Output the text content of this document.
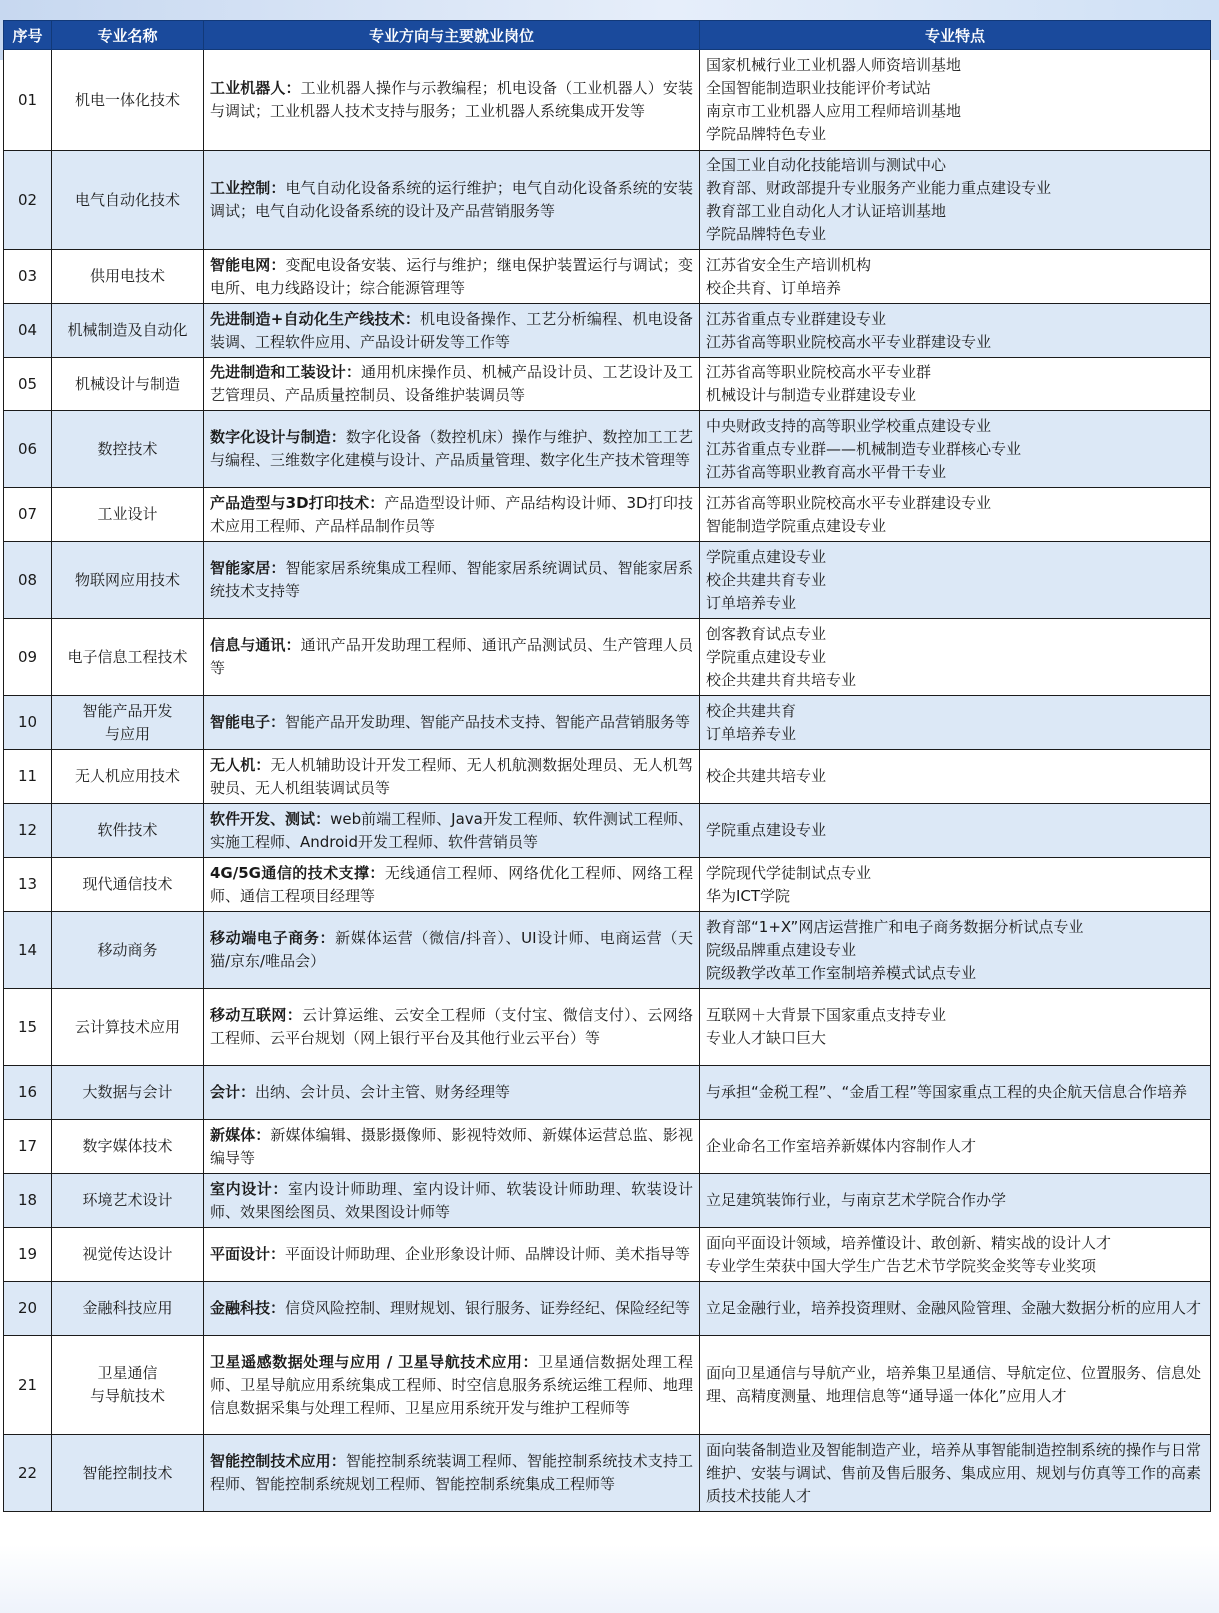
序号	专业名称	专业方向与主要就业岗位	专业特点
01	机电一体化技术	工业机器人：工业机器人操作与示教编程；机电设备（工业机器人）安装与调试；工业机器人技术支持与服务；工业机器人系统集成开发等	国家机械行业工业机器人师资培训基地
全国智能制造职业技能评价考试站
南京市工业机器人应用工程师培训基地
学院品牌特色专业
02	电气自动化技术	工业控制：电气自动化设备系统的运行维护；电气自动化设备系统的安装调试；电气自动化设备系统的设计及产品营销服务等	全国工业自动化技能培训与测试中心
教育部、财政部提升专业服务产业能力重点建设专业
教育部工业自动化人才认证培训基地
学院品牌特色专业
03	供用电技术	智能电网：变配电设备安装、运行与维护；继电保护装置运行与调试；变电所、电力线路设计；综合能源管理等	江苏省安全生产培训机构
校企共育、订单培养
04	机械制造及自动化	先进制造+自动化生产线技术：机电设备操作、工艺分析编程、机电设备装调、工程软件应用、产品设计研发等工作等	江苏省重点专业群建设专业
江苏省高等职业院校高水平专业群建设专业
05	机械设计与制造	先进制造和工装设计：通用机床操作员、机械产品设计员、工艺设计及工艺管理员、产品质量控制员、设备维护装调员等	江苏省高等职业院校高水平专业群
机械设计与制造专业群建设专业
06	数控技术	数字化设计与制造：数字化设备（数控机床）操作与维护、数控加工工艺与编程、三维数字化建模与设计、产品质量管理、数字化生产技术管理等	中央财政支持的高等职业学校重点建设专业
江苏省重点专业群——机械制造专业群核心专业
江苏省高等职业教育高水平骨干专业
07	工业设计	产品造型与3D打印技术：产品造型设计师、产品结构设计师、3D打印技术应用工程师、产品样品制作员等	江苏省高等职业院校高水平专业群建设专业
智能制造学院重点建设专业
08	物联网应用技术	智能家居：智能家居系统集成工程师、智能家居系统调试员、智能家居系统技术支持等	学院重点建设专业
校企共建共育专业
订单培养专业
09	电子信息工程技术	信息与通讯：通讯产品开发助理工程师、通讯产品测试员、生产管理人员等	创客教育试点专业
学院重点建设专业
校企共建共育共培专业
10	智能产品开发
与应用	智能电子：智能产品开发助理、智能产品技术支持、智能产品营销服务等	校企共建共育
订单培养专业
11	无人机应用技术	无人机：无人机辅助设计开发工程师、无人机航测数据处理员、无人机驾驶员、无人机组装调试员等	校企共建共培专业
12	软件技术	软件开发、测试：web前端工程师、Java开发工程师、软件测试工程师、实施工程师、Android开发工程师、软件营销员等	学院重点建设专业
13	现代通信技术	4G/5G通信的技术支撑：无线通信工程师、网络优化工程师、网络工程师、通信工程项目经理等	学院现代学徒制试点专业
华为ICT学院
14	移动商务	移动端电子商务：新媒体运营（微信/抖音）、UI设计师、电商运营（天猫/京东/唯品会）	教育部“1+X”网店运营推广和电子商务数据分析试点专业
院级品牌重点建设专业
院级教学改革工作室制培养模式试点专业
15	云计算技术应用	移动互联网：云计算运维、云安全工程师（支付宝、微信支付）、云网络工程师、云平台规划（网上银行平台及其他行业云平台）等	互联网＋大背景下国家重点支持专业
专业人才缺口巨大
16	大数据与会计	会计：出纳、会计员、会计主管、财务经理等	与承担“金税工程”、“金盾工程”等国家重点工程的央企航天信息合作培养
17	数字媒体技术	新媒体：新媒体编辑、摄影摄像师、影视特效师、新媒体运营总监、影视编导等	企业命名工作室培养新媒体内容制作人才
18	环境艺术设计	室内设计：室内设计师助理、室内设计师、软装设计师助理、软装设计师、效果图绘图员、效果图设计师等	立足建筑装饰行业，与南京艺术学院合作办学
19	视觉传达设计	平面设计：平面设计师助理、企业形象设计师、品牌设计师、美术指导等	面向平面设计领域，培养懂设计、敢创新、精实战的设计人才
专业学生荣获中国大学生广告艺术节学院奖金奖等专业奖项
20	金融科技应用	金融科技：信贷风险控制、理财规划、银行服务、证券经纪、保险经纪等	立足金融行业，培养投资理财、金融风险管理、金融大数据分析的应用人才
21	卫星通信
与导航技术	卫星遥感数据处理与应用 / 卫星导航技术应用：卫星通信数据处理工程师、卫星导航应用系统集成工程师、时空信息服务系统运维工程师、地理信息数据采集与处理工程师、卫星应用系统开发与维护工程师等	面向卫星通信与导航产业，培养集卫星通信、导航定位、位置服务、信息处理、高精度测量、地理信息等“通导遥一体化”应用人才
22	智能控制技术	智能控制技术应用：智能控制系统装调工程师、智能控制系统技术支持工程师、智能控制系统规划工程师、智能控制系统集成工程师等	面向装备制造业及智能制造产业，培养从事智能制造控制系统的操作与日常维护、安装与调试、售前及售后服务、集成应用、规划与仿真等工作的高素质技术技能人才
